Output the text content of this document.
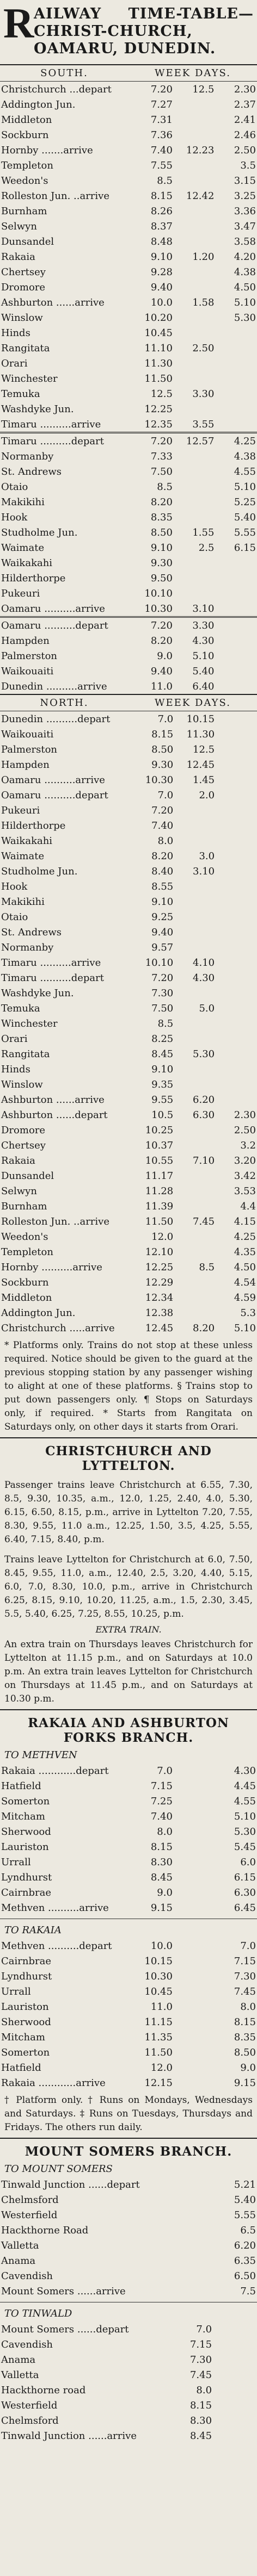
R AILWAY TIME-TABLE—CHRIST-CHURCH, OAMARU, DUNEDIN.
SOUTH.	WEEK DAYS.
Christchurch ...depart	7.20	12.5	2.30
Addington Jun.	7.27		2.37
Middleton	7.31		2.41
Sockburn	7.36		2.46
Hornby .......arrive	7.40	12.23	2.50
Templeton	7.55		3.5
Weedon's	8.5		3.15
Rolleston Jun. ..arrive	8.15	12.42	3.25
Burnham	8.26		3.36
Selwyn	8.37		3.47
Dunsandel	8.48		3.58
Rakaia	9.10	1.20	4.20
Chertsey	9.28		4.38
Dromore	9.40		4.50
Ashburton ......arrive	10.0	1.58	5.10
Winslow	10.20		5.30
Hinds	10.45		
Rangitata	11.10	2.50	
Orari	11.30		
Winchester	11.50		
Temuka	12.5	3.30	
Washdyke Jun.	12.25		
Timaru ..........arrive	12.35	3.55	
Timaru ..........depart	7.20	12.57	4.25
Normanby	7.33		4.38
St. Andrews	7.50		4.55
Otaio	8.5		5.10
Makikihi	8.20		5.25
Hook	8.35		5.40
Studholme Jun.	8.50	1.55	5.55
Waimate	9.10	2.5	6.15
Waikakahi	9.30		
Hilderthorpe	9.50		
Pukeuri	10.10		
Oamaru ..........arrive	10.30	3.10	
Oamaru ..........depart	7.20	3.30	
Hampden	8.20	4.30	
Palmerston	9.0	5.10	
Waikouaiti	9.40	5.40	
Dunedin ..........arrive	11.0	6.40	
NORTH.	WEEK DAYS.
Dunedin ..........depart	7.0	10.15	
Waikouaiti	8.15	11.30	
Palmerston	8.50	12.5	
Hampden	9.30	12.45	
Oamaru ..........arrive	10.30	1.45	
Oamaru ..........depart	7.0	2.0	
Pukeuri	7.20		
Hilderthorpe	7.40		
Waikakahi	8.0		
Waimate	8.20	3.0	
Studholme Jun.	8.40	3.10	
Hook	8.55		
Makikihi	9.10		
Otaio	9.25		
St. Andrews	9.40		
Normanby	9.57		
Timaru ..........arrive	10.10	4.10	
Timaru ..........depart	7.20	4.30	
Washdyke Jun.	7.30		
Temuka	7.50	5.0	
Winchester	8.5		
Orari	8.25		
Rangitata	8.45	5.30	
Hinds	9.10		
Winslow	9.35		
Ashburton ......arrive	9.55	6.20	
Ashburton ......depart	10.5	6.30	2.30
Dromore	10.25		2.50
Chertsey	10.37		3.2
Rakaia	10.55	7.10	3.20
Dunsandel	11.17		3.42
Selwyn	11.28		3.53
Burnham	11.39		4.4
Rolleston Jun. ..arrive	11.50	7.45	4.15
Weedon's	12.0		4.25
Templeton	12.10		4.35
Hornby ..........arrive	12.25	8.5	4.50
Sockburn	12.29		4.54
Middleton	12.34		4.59
Addington Jun.	12.38		5.3
Christchurch .....arrive	12.45	8.20	5.10
* Platforms only. Trains do not stop at these unless required. Notice should be given to the guard at the previous stopping station by any passenger wishing to alight at one of these platforms. § Trains stop to put down passengers only. ¶ Stops on Saturdays only, if required. * Starts from Rangitata on Saturdays only, on other days it starts from Orari.
CHRISTCHURCH AND LYTTELTON.
Passenger trains leave Christchurch at 6.55, 7.30, 8.5, 9.30, 10.35, a.m., 12.0, 1.25, 2.40, 4.0, 5.30, 6.15, 6.50, 8.15, p.m., arrive in Lyttelton 7.20, 7.55, 8.30, 9.55, 11.0 a.m., 12.25, 1.50, 3.5, 4.25, 5.55, 6.40, 7.15, 8.40, p.m.
Trains leave Lyttelton for Christchurch at 6.0, 7.50, 8.45, 9.55, 11.0, a.m., 12.40, 2.5, 3.20, 4.40, 5.15, 6.0, 7.0, 8.30, 10.0, p.m., arrive in Christchurch 6.25, 8.15, 9.10, 10.20, 11.25, a.m., 1.5, 2.30, 3.45, 5.5, 5.40, 6.25, 7.25, 8.55, 10.25, p.m.
EXTRA TRAIN.
An extra train on Thursdays leaves Christchurch for Lyttelton at 11.15 p.m., and on Saturdays at 10.0 p.m. An extra train leaves Lyttelton for Christchurch on Thursdays at 11.45 p.m., and on Saturdays at 10.30 p.m.
RAKAIA AND ASHBURTON FORKS BRANCH.
TO METHVEN
Rakaia ............depart	7.0		4.30
Hatfield	7.15		4.45
Somerton	7.25		4.55
Mitcham	7.40		5.10
Sherwood	8.0		5.30
Lauriston	8.15		5.45
Urrall	8.30		6.0
Lyndhurst	8.45		6.15
Cairnbrae	9.0		6.30
Methven ..........arrive	9.15		6.45
TO RAKAIA
Methven ..........depart	10.0		7.0
Cairnbrae	10.15		7.15
Lyndhurst	10.30		7.30
Urrall	10.45		7.45
Lauriston	11.0		8.0
Sherwood	11.15		8.15
Mitcham	11.35		8.35
Somerton	11.50		8.50
Hatfield	12.0		9.0
Rakaia ............arrive	12.15		9.15
† Platform only. † Runs on Mondays, Wednesdays and Saturdays. ‡ Runs on Tuesdays, Thursdays and Fridays. The others run daily.
MOUNT SOMERS BRANCH.
TO MOUNT SOMERS
Tinwald Junction ......depart		5.21
Chelmsford		5.40
Westerfield		5.55
Hackthorne Road		6.5
Valletta		6.20
Anama		6.35
Cavendish		6.50
Mount Somers ......arrive		7.5
TO TINWALD
Mount Somers ......depart	7.0	
Cavendish	7.15	
Anama	7.30	
Valletta	7.45	
Hackthorne road	8.0	
Westerfield	8.15	
Chelmsford	8.30	
Tinwald Junction ......arrive	8.45	
